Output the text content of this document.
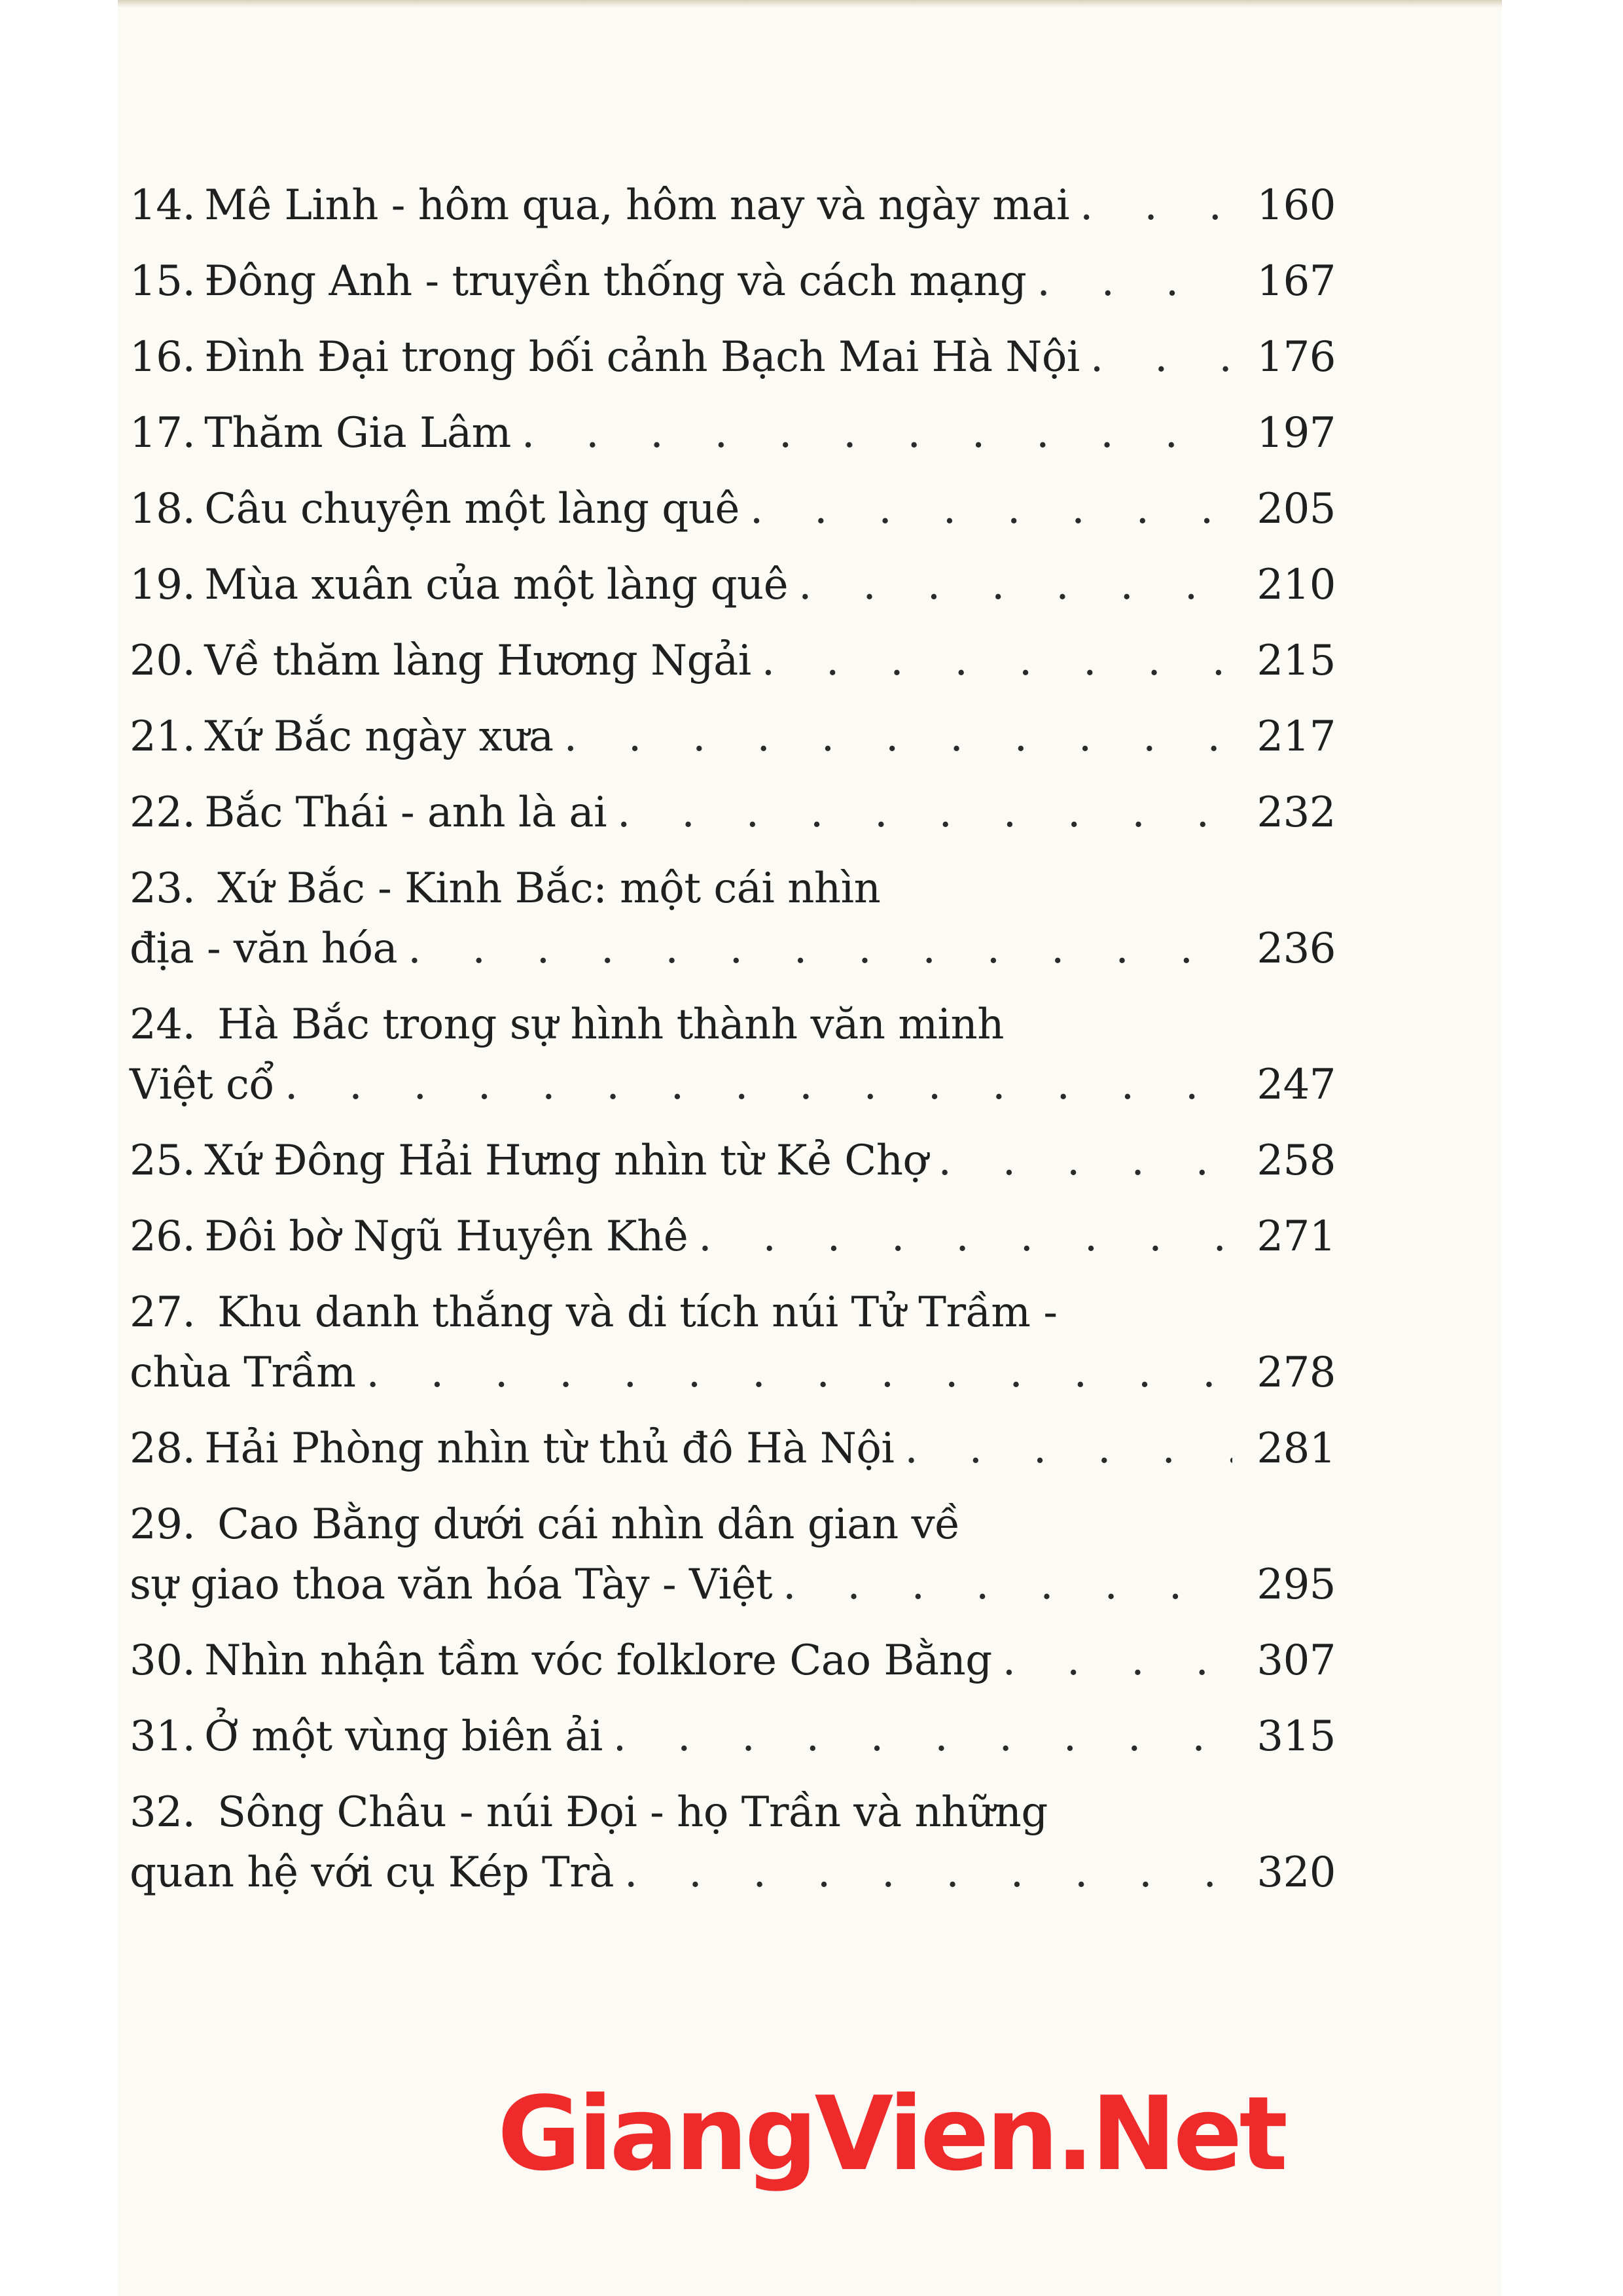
14. Mê Linh - hôm qua, hôm nay và ngày mai . . .	160
15. Đông Anh - truyền thống và cách mạng . . .	167
16. Đình Đại trong bối cảnh Bạch Mai Hà Nội . . .	176
17. Thăm Gia Lâm . . .	197
18. Câu chuyện một làng quê . . .	205
19. Mùa xuân của một làng quê . . .	210
20. Về thăm làng Hương Ngải . . .	215
21. Xứ Bắc ngày xưa . . .	217
22. Bắc Thái - anh là ai . . .	232
23. Xứ Bắc - Kinh Bắc: một cái nhìn
địa - văn hóa . . .	236
24. Hà Bắc trong sự hình thành văn minh
Việt cổ . . .	247
25. Xứ Đông Hải Hưng nhìn từ Kẻ Chợ . . .	258
26. Đôi bờ Ngũ Huyện Khê . . .	271
27. Khu danh thắng và di tích núi Tử Trầm -
chùa Trầm . . .	278
28. Hải Phòng nhìn từ thủ đô Hà Nội . . .	281
29. Cao Bằng dưới cái nhìn dân gian về
sự giao thoa văn hóa Tày - Việt . . .	295
30. Nhìn nhận tầm vóc folklore Cao Bằng . . .	307
31. Ở một vùng biên ải . . .	315
32. Sông Châu - núi Đọi - họ Trần và những
quan hệ với cụ Kép Trà . . .	320
GiangVien.Net
